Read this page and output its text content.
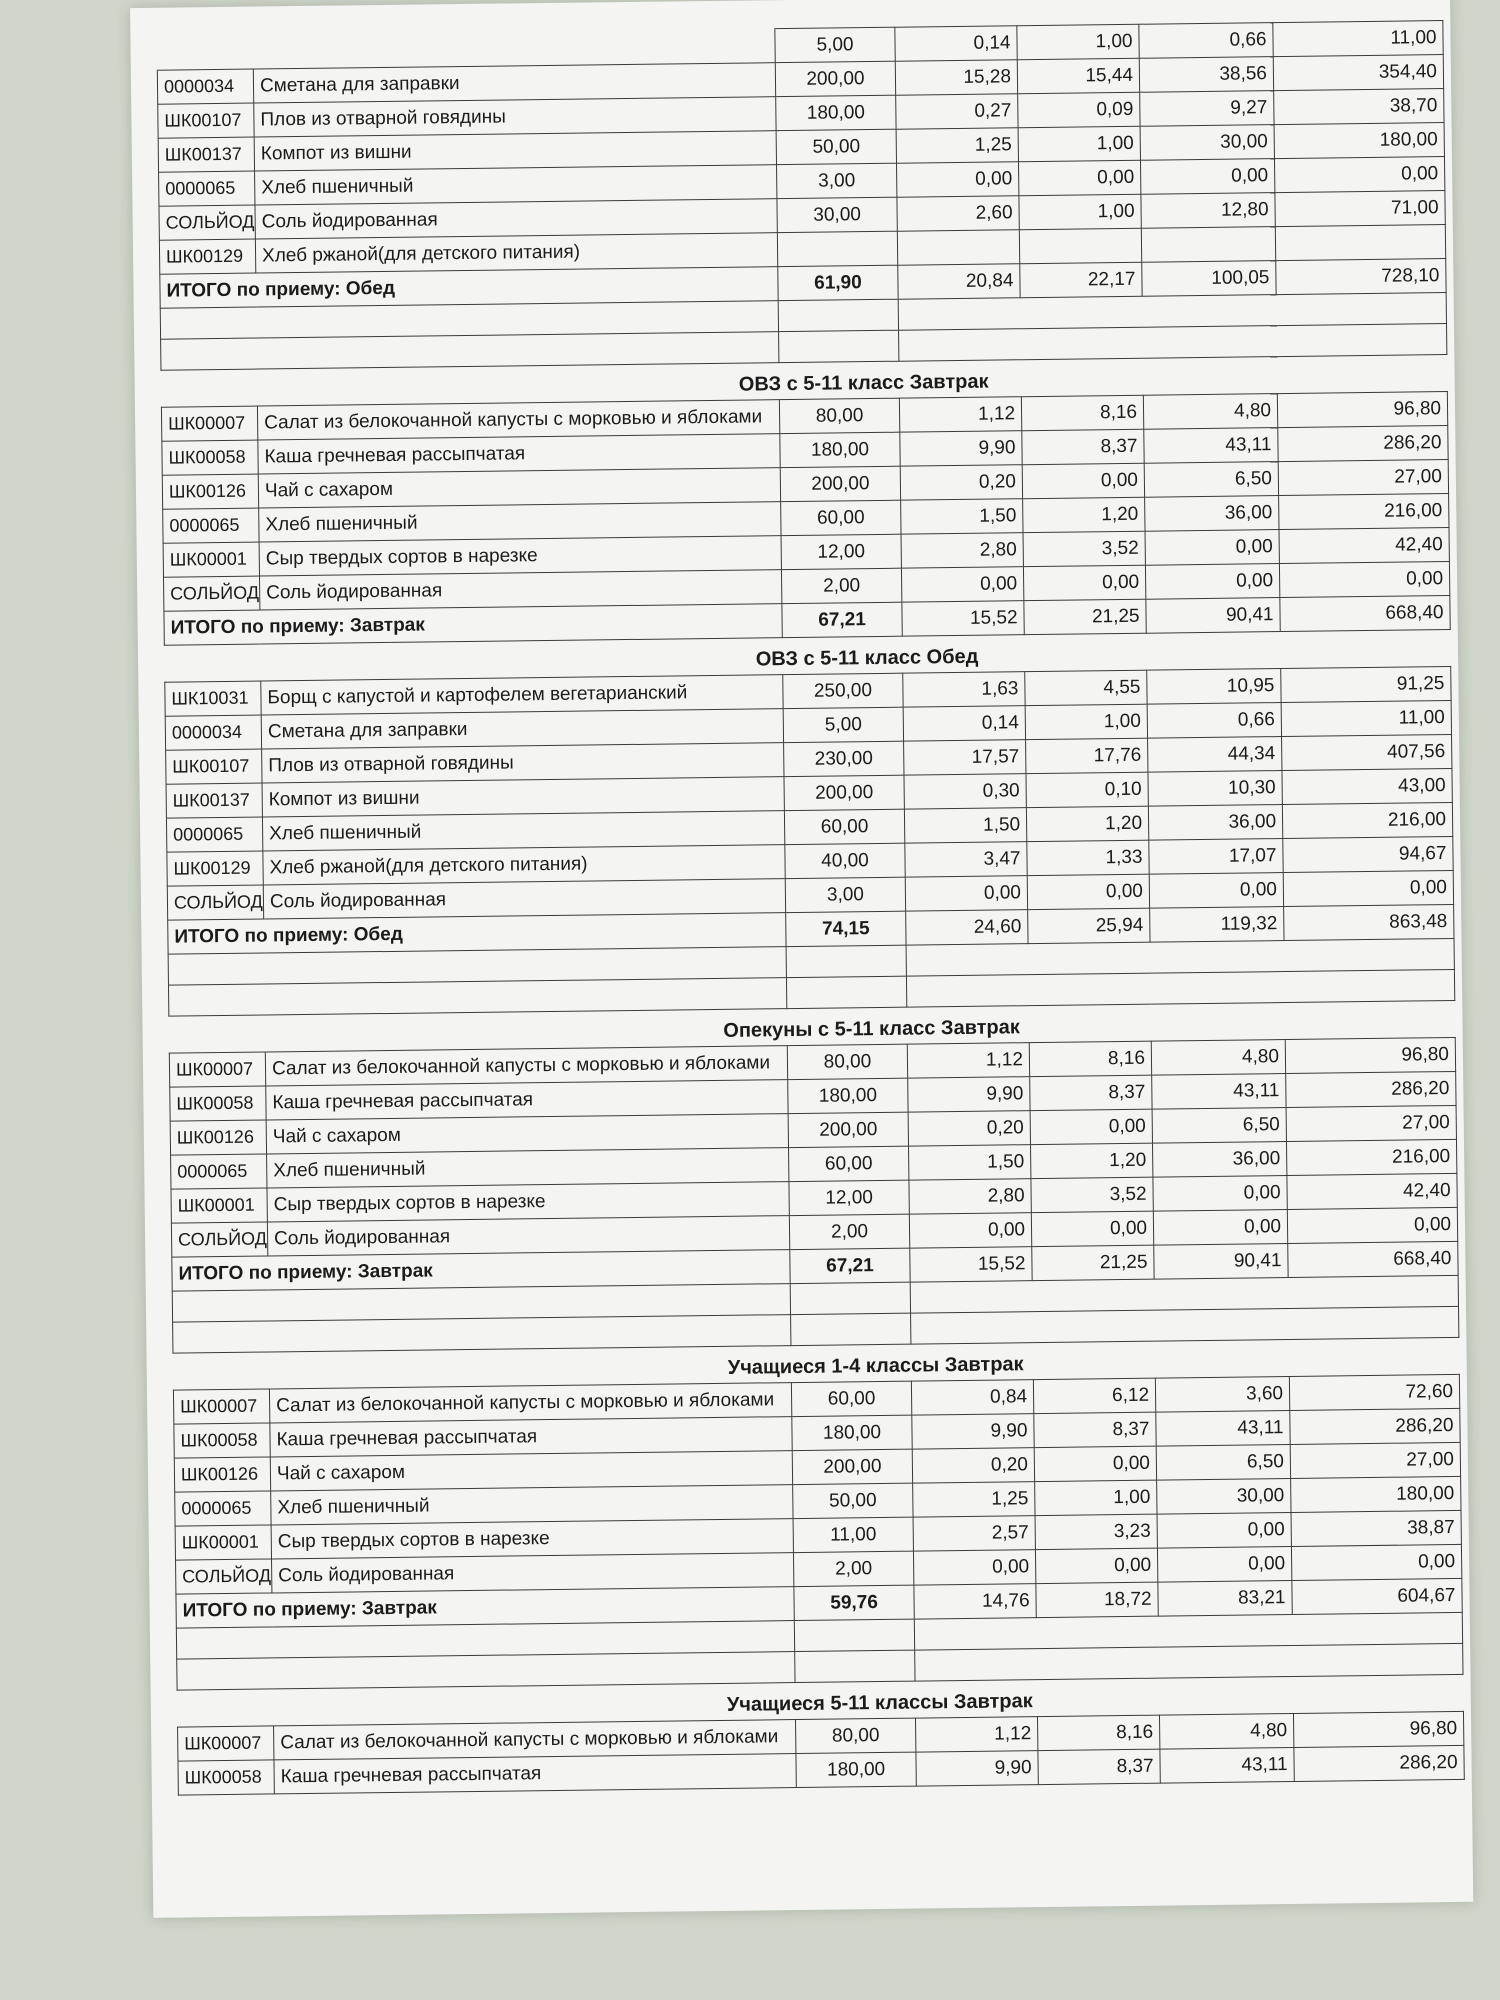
		5,00	0,14	1,00	0,66	11,00
0000034	Сметана для заправки	200,00	15,28	15,44	38,56	354,40
ШК00107	Плов из отварной говядины	180,00	0,27	0,09	9,27	38,70
ШК00137	Компот из вишни	50,00	1,25	1,00	30,00	180,00
0000065	Хлеб пшеничный	3,00	0,00	0,00	0,00	0,00
СОЛЬЙОД	Соль йодированная	30,00	2,60	1,00	12,80	71,00
ШК00129	Хлеб ржаной(для детского питания)					
ИТОГО по приему: Обед		61,90	20,84	22,17	100,05	728,10

ОВЗ с 5-11 класс Завтрак
ШК00007	Салат из белокочанной капусты с морковью и яблоками	80,00	1,12	8,16	4,80	96,80
ШК00058	Каша гречневая рассыпчатая	180,00	9,90	8,37	43,11	286,20
ШК00126	Чай с сахаром	200,00	0,20	0,00	6,50	27,00
0000065	Хлеб пшеничный	60,00	1,50	1,20	36,00	216,00
ШК00001	Сыр твердых сортов в нарезке	12,00	2,80	3,52	0,00	42,40
СОЛЬЙОД	Соль йодированная	2,00	0,00	0,00	0,00	0,00
ИТОГО по приему: Завтрак		67,21	15,52	21,25	90,41	668,40
ОВЗ с 5-11 класс Обед
ШК10031	Борщ с капустой и картофелем вегетарианский	250,00	1,63	4,55	10,95	91,25
0000034	Сметана для заправки	5,00	0,14	1,00	0,66	11,00
ШК00107	Плов из отварной говядины	230,00	17,57	17,76	44,34	407,56
ШК00137	Компот из вишни	200,00	0,30	0,10	10,30	43,00
0000065	Хлеб пшеничный	60,00	1,50	1,20	36,00	216,00
ШК00129	Хлеб ржаной(для детского питания)	40,00	3,47	1,33	17,07	94,67
СОЛЬЙОД	Соль йодированная	3,00	0,00	0,00	0,00	0,00
ИТОГО по приему: Обед		74,15	24,60	25,94	119,32	863,48

Опекуны с 5-11 класс Завтрак
ШК00007	Салат из белокочанной капусты с морковью и яблоками	80,00	1,12	8,16	4,80	96,80
ШК00058	Каша гречневая рассыпчатая	180,00	9,90	8,37	43,11	286,20
ШК00126	Чай с сахаром	200,00	0,20	0,00	6,50	27,00
0000065	Хлеб пшеничный	60,00	1,50	1,20	36,00	216,00
ШК00001	Сыр твердых сортов в нарезке	12,00	2,80	3,52	0,00	42,40
СОЛЬЙОД	Соль йодированная	2,00	0,00	0,00	0,00	0,00
ИТОГО по приему: Завтрак		67,21	15,52	21,25	90,41	668,40

Учащиеся 1-4 классы Завтрак
ШК00007	Салат из белокочанной капусты с морковью и яблоками	60,00	0,84	6,12	3,60	72,60
ШК00058	Каша гречневая рассыпчатая	180,00	9,90	8,37	43,11	286,20
ШК00126	Чай с сахаром	200,00	0,20	0,00	6,50	27,00
0000065	Хлеб пшеничный	50,00	1,25	1,00	30,00	180,00
ШК00001	Сыр твердых сортов в нарезке	11,00	2,57	3,23	0,00	38,87
СОЛЬЙОД	Соль йодированная	2,00	0,00	0,00	0,00	0,00
ИТОГО по приему: Завтрак		59,76	14,76	18,72	83,21	604,67

Учащиеся 5-11 классы Завтрак
ШК00007	Салат из белокочанной капусты с морковью и яблоками	80,00	1,12	8,16	4,80	96,80
ШК00058	Каша гречневая рассыпчатая	180,00	9,90	8,37	43,11	286,20
